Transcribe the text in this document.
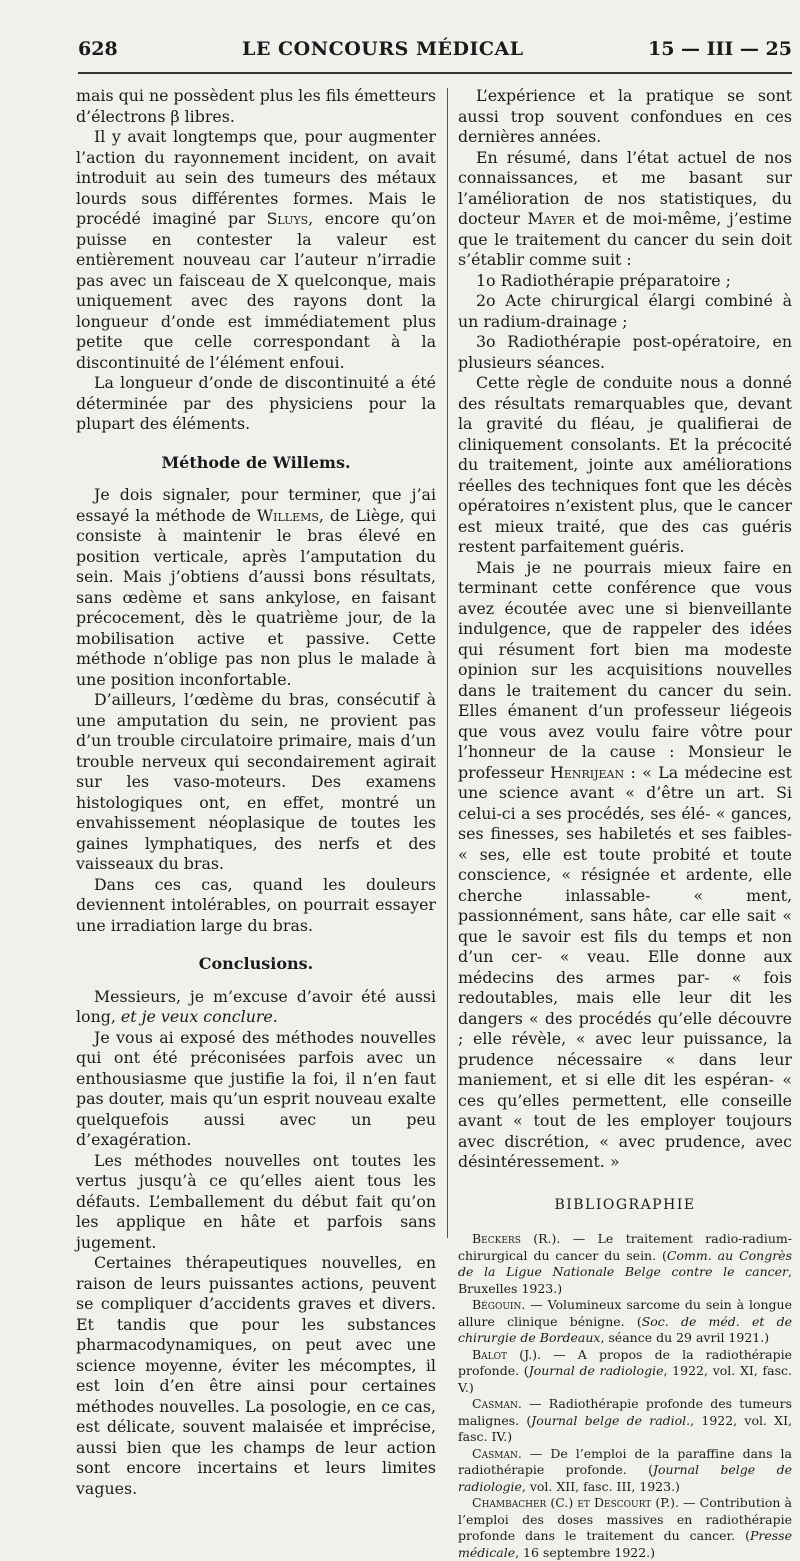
628	LE CONCOURS MÉDICAL	15 — III — 25

mais qui ne possèdent plus les fils émetteurs d’électrons β libres.

Il y avait longtemps que, pour augmenter l’action du rayonnement incident, on avait introduit au sein des tumeurs des métaux lourds sous différentes formes. Mais le procédé imaginé par Sluys, encore qu’on puisse en contester la valeur est entièrement nouveau car l’auteur n’irradie pas avec un faisceau de X quelconque, mais uniquement avec des rayons dont la longueur d’onde est immédiatement plus petite que celle correspondant à la discontinuité de l’élément enfoui.

La longueur d’onde de discontinuité a été déterminée par des physiciens pour la plupart des éléments.

Méthode de Willems.

Je dois signaler, pour terminer, que j’ai essayé la méthode de Willems, de Liège, qui consiste à maintenir le bras élevé en position verticale, après l’amputation du sein. Mais j’obtiens d’aussi bons résultats, sans œdème et sans ankylose, en faisant précocement, dès le quatrième jour, de la mobilisation active et passive. Cette méthode n’oblige pas non plus le malade à une position inconfortable.

D’ailleurs, l’œdème du bras, consécutif à une amputation du sein, ne provient pas d’un trouble circulatoire primaire, mais d’un trouble nerveux qui secondairement agirait sur les vaso-moteurs. Des examens histologiques ont, en effet, montré un envahissement néoplasique de toutes les gaines lymphatiques, des nerfs et des vaisseaux du bras.

Dans ces cas, quand les douleurs deviennent intolérables, on pourrait essayer une irradiation large du bras.

Conclusions.

Messieurs, je m’excuse d’avoir été aussi long, et je veux conclure.

Je vous ai exposé des méthodes nouvelles qui ont été préconisées parfois avec un enthousiasme que justifie la foi, il n’en faut pas douter, mais qu’un esprit nouveau exalte quelquefois aussi avec un peu d’exagération.

Les méthodes nouvelles ont toutes les vertus jusqu’à ce qu’elles aient tous les défauts. L’emballement du début fait qu’on les applique en hâte et parfois sans jugement.

Certaines thérapeutiques nouvelles, en raison de leurs puissantes actions, peuvent se compliquer d’accidents graves et divers. Et tandis que pour les substances pharmacodynamiques, on peut avec une science moyenne, éviter les mécomptes, il est loin d’en être ainsi pour certaines méthodes nouvelles. La posologie, en ce cas, est délicate, souvent malaisée et imprécise, aussi bien que les champs de leur action sont encore incertains et leurs limites vagues.

L’expérience et la pratique se sont aussi trop souvent confondues en ces dernières années.

En résumé, dans l’état actuel de nos connaissances, et me basant sur l’amélioration de nos statistiques, du docteur Mayer et de moi-même, j’estime que le traitement du cancer du sein doit s’établir comme suit :

1o Radiothérapie préparatoire ;

2o Acte chirurgical élargi combiné à un radium-drainage ;

3o Radiothérapie post-opératoire, en plusieurs séances.

Cette règle de conduite nous a donné des résultats remarquables que, devant la gravité du fléau, je qualifierai de cliniquement consolants. Et la précocité du traitement, jointe aux améliorations réelles des techniques font que les décès opératoires n’existent plus, que le cancer est mieux traité, que des cas guéris restent parfaitement guéris.

Mais je ne pourrais mieux faire en terminant cette conférence que vous avez écoutée avec une si bienveillante indulgence, que de rappeler des idées qui résument fort bien ma modeste opinion sur les acquisitions nouvelles dans le traitement du cancer du sein. Elles émanent d’un professeur liégeois que vous avez voulu faire vôtre pour l’honneur de la cause : Monsieur le professeur Henrijean : « La médecine est une science avant « d’être un art. Si celui-ci a ses procédés, ses élé- « gances, ses finesses, ses habiletés et ses faibles- « ses, elle est toute probité et toute conscience, « résignée et ardente, elle cherche inlassable- « ment, passionnément, sans hâte, car elle sait « que le savoir est fils du temps et non d’un cer- « veau. Elle donne aux médecins des armes par- « fois redoutables, mais elle leur dit les dangers « des procédés qu’elle découvre ; elle révèle, « avec leur puissance, la prudence nécessaire « dans leur maniement, et si elle dit les espéran- « ces qu’elles permettent, elle conseille avant « tout de les employer toujours avec discrétion, « avec prudence, avec désintéressement. »

BIBLIOGRAPHIE

Beckers (R.). — Le traitement radio-radium-chirurgical du cancer du sein. (Comm. au Congrès de la Ligue Nationale Belge contre le cancer, Bruxelles 1923.)

Bégouin. — Volumineux sarcome du sein à longue allure clinique bénigne. (Soc. de méd. et de chirurgie de Bordeaux, séance du 29 avril 1921.)

Balot (J.). — A propos de la radiothérapie profonde. (Journal de radiologie, 1922, vol. XI, fasc. V.)

Casman. — Radiothérapie profonde des tumeurs malignes. (Journal belge de radiol., 1922, vol. XI, fasc. IV.)

Casman. — De l’emploi de la paraffine dans la radiothérapie profonde. (Journal belge de radiologie, vol. XII, fasc. III, 1923.)

Chambacher (C.) et Descourt (P.). — Contribution à l’emploi des doses massives en radiothérapie profonde dans le traitement du cancer. (Presse médicale, 16 septembre 1922.)
